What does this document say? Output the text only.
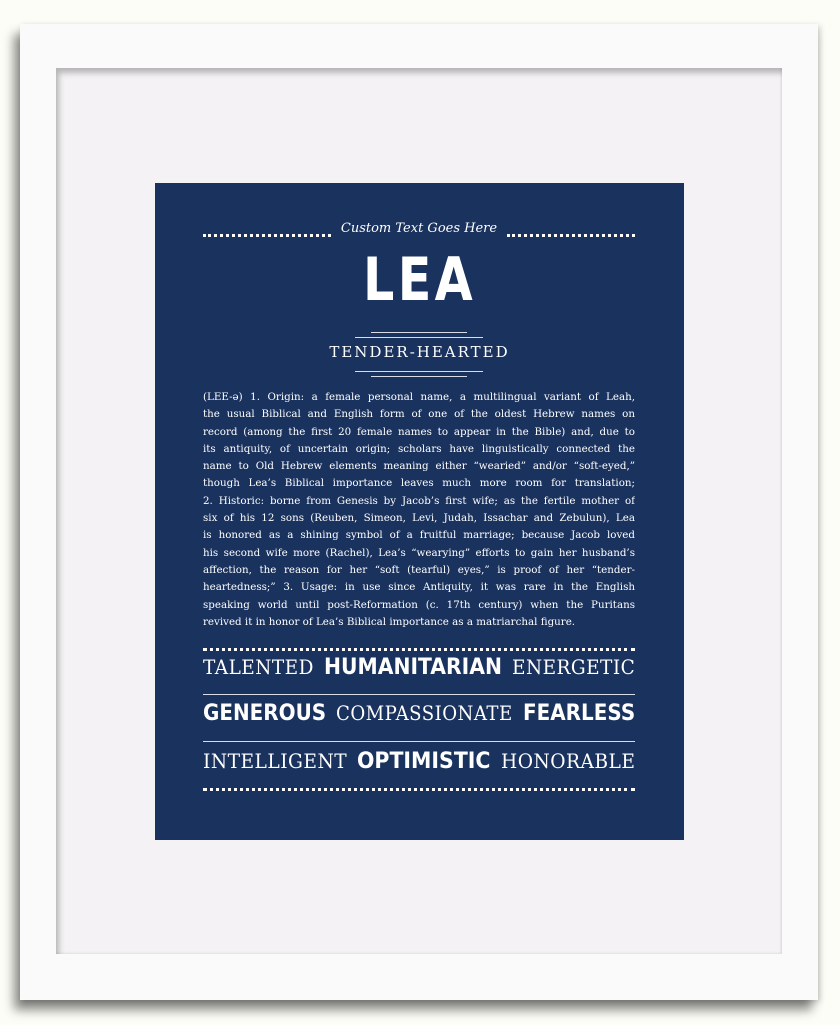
Custom Text Goes Here
LEA
TENDER-HEARTED
(LEE-ə) 1. Origin: a female personal name, a multilingual variant of Leah,
the usual Biblical and English form of one of the oldest Hebrew names on
record (among the first 20 female names to appear in the Bible) and, due to
its antiquity, of uncertain origin; scholars have linguistically connected the
name to Old Hebrew elements meaning either “wearied” and/or “soft-eyed,”
though Lea’s Biblical importance leaves much more room for translation;
2. Historic: borne from Genesis by Jacob’s first wife; as the fertile mother of
six of his 12 sons (Reuben, Simeon, Levi, Judah, Issachar and Zebulun), Lea
is honored as a shining symbol of a fruitful marriage; because Jacob loved
his second wife more (Rachel), Lea’s “wearying” efforts to gain her husband’s
affection, the reason for her “soft (tearful) eyes,” is proof of her “tender-
heartedness;” 3. Usage: in use since Antiquity, it was rare in the English
speaking world until post-Reformation (c. 17th century) when the Puritans
revived it in honor of Lea’s Biblical importance as a matriarchal figure.
TALENTED HUMANITARIAN ENERGETIC
GENEROUS COMPASSIONATE FEARLESS
INTELLIGENT OPTIMISTIC HONORABLE
